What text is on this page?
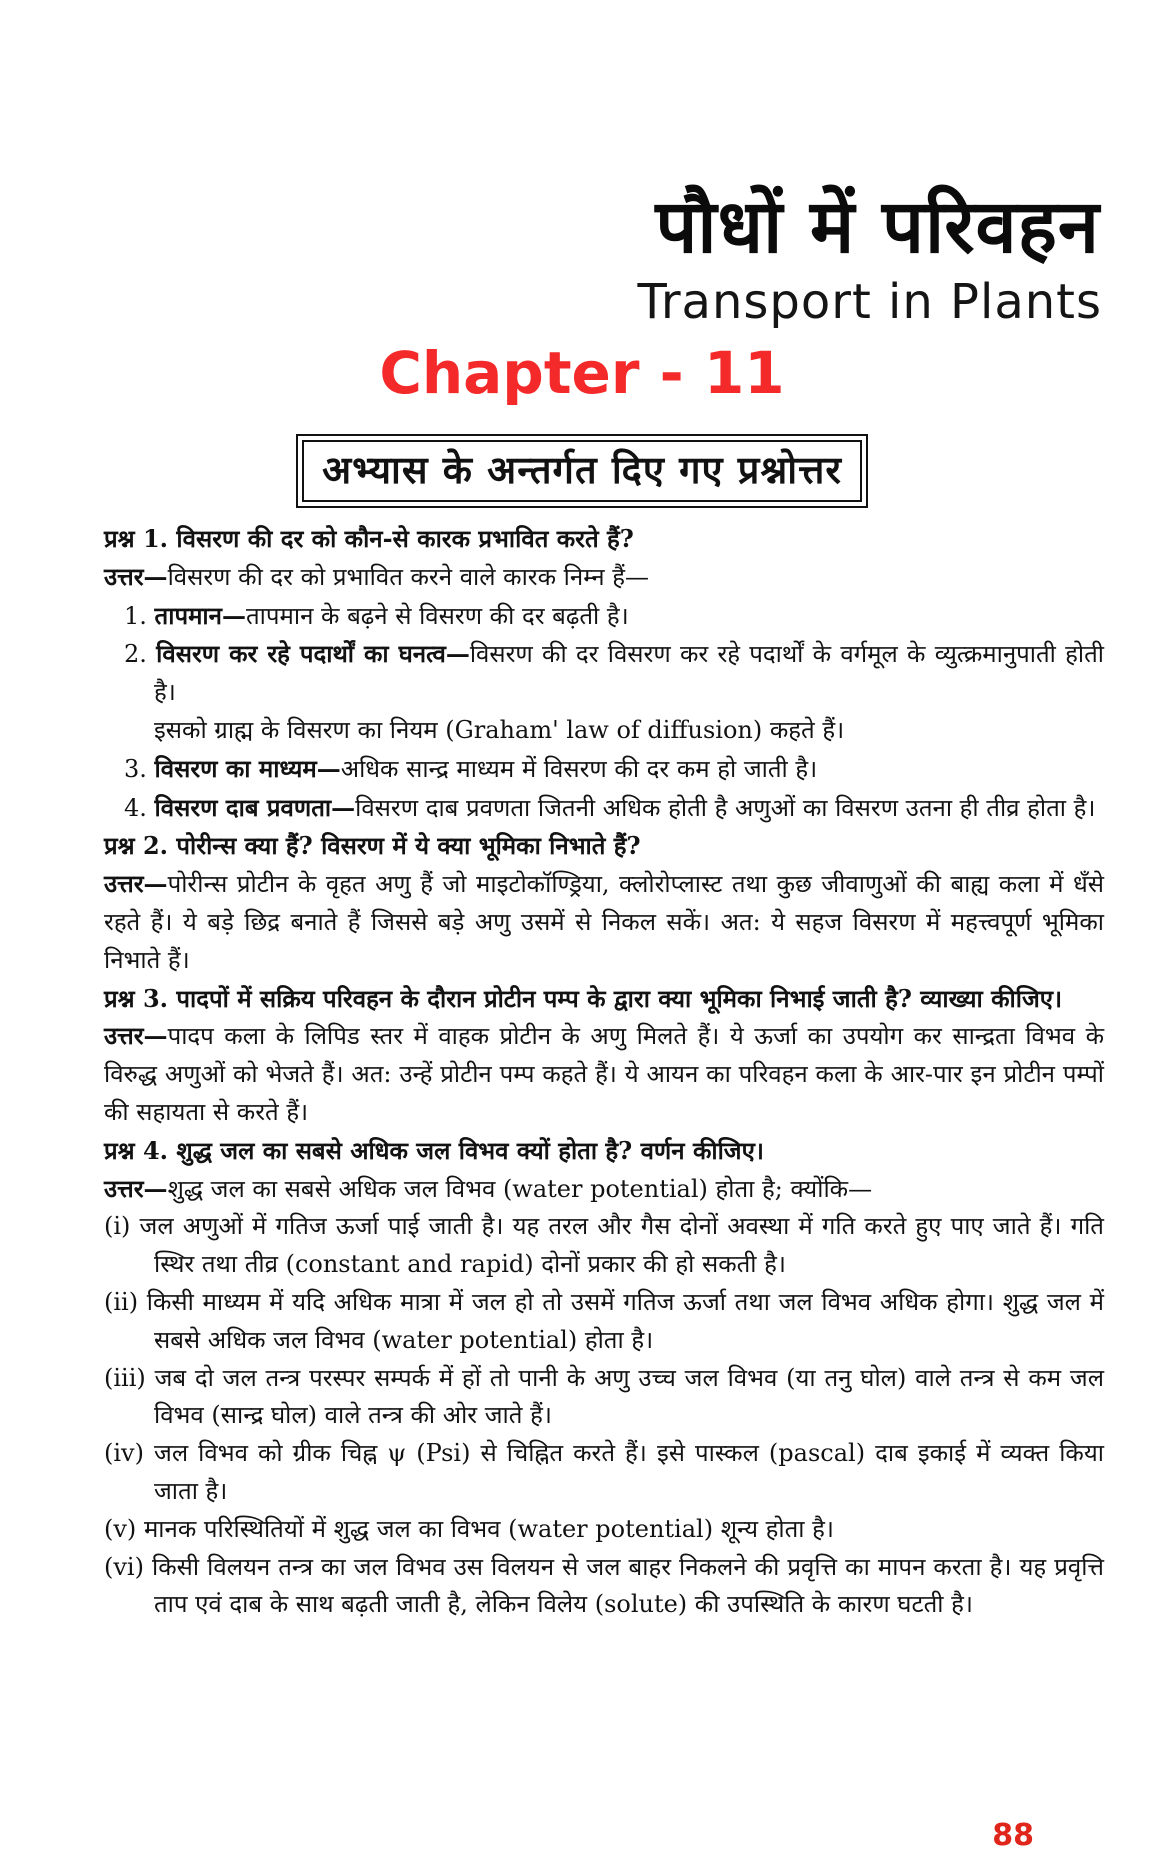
पौधों में परिवहन
Transport in Plants
Chapter - 11
अभ्यास के अन्तर्गत दिए गए प्रश्नोत्तर

प्रश्न 1. विसरण की दर को कौन-से कारक प्रभावित करते हैं?

उत्तर—विसरण की दर को प्रभावित करने वाले कारक निम्न हैं—

1. तापमान—तापमान के बढ़ने से विसरण की दर बढ़ती है।

2. विसरण कर रहे पदार्थों का घनत्व—विसरण की दर विसरण कर रहे पदार्थों के वर्गमूल के व्युत्क्रमानुपाती होती है।

इसको ग्राह्म के विसरण का नियम (Graham' law of diffusion) कहते हैं।

3. विसरण का माध्यम—अधिक सान्द्र माध्यम में विसरण की दर कम हो जाती है।

4. विसरण दाब प्रवणता—विसरण दाब प्रवणता जितनी अधिक होती है अणुओं का विसरण उतना ही तीव्र होता है।

प्रश्न 2. पोरीन्स क्या हैं? विसरण में ये क्या भूमिका निभाते हैं?

उत्तर—पोरीन्स प्रोटीन के वृहत अणु हैं जो माइटोकॉण्ड्रिया, क्लोरोप्लास्ट तथा कुछ जीवाणुओं की बाह्य कला में धँसे रहते हैं। ये बड़े छिद्र बनाते हैं जिससे बड़े अणु उसमें से निकल सकें। अत: ये सहज विसरण में महत्त्वपूर्ण भूमिका निभाते हैं।

प्रश्न 3. पादपों में सक्रिय परिवहन के दौरान प्रोटीन पम्प के द्वारा क्या भूमिका निभाई जाती है? व्याख्या कीजिए।

उत्तर—पादप कला के लिपिड स्तर में वाहक प्रोटीन के अणु मिलते हैं। ये ऊर्जा का उपयोग कर सान्द्रता विभव के विरुद्ध अणुओं को भेजते हैं। अत: उन्हें प्रोटीन पम्प कहते हैं। ये आयन का परिवहन कला के आर-पार इन प्रोटीन पम्पों की सहायता से करते हैं।

प्रश्न 4. शुद्ध जल का सबसे अधिक जल विभव क्यों होता है? वर्णन कीजिए।

उत्तर—शुद्ध जल का सबसे अधिक जल विभव (water potential) होता है; क्योंकि—

(i) जल अणुओं में गतिज ऊर्जा पाई जाती है। यह तरल और गैस दोनों अवस्था में गति करते हुए पाए जाते हैं। गति स्थिर तथा तीव्र (constant and rapid) दोनों प्रकार की हो सकती है।

(ii) किसी माध्यम में यदि अधिक मात्रा में जल हो तो उसमें गतिज ऊर्जा तथा जल विभव अधिक होगा। शुद्ध जल में सबसे अधिक जल विभव (water potential) होता है।

(iii) जब दो जल तन्त्र परस्पर सम्पर्क में हों तो पानी के अणु उच्च जल विभव (या तनु घोल) वाले तन्त्र से कम जल विभव (सान्द्र घोल) वाले तन्त्र की ओर जाते हैं।

(iv) जल विभव को ग्रीक चिह्न ψ (Psi) से चिह्नित करते हैं। इसे पास्कल (pascal) दाब इकाई में व्यक्त किया जाता है।

(v) मानक परिस्थितियों में शुद्ध जल का विभव (water potential) शून्य होता है।

(vi) किसी विलयन तन्त्र का जल विभव उस विलयन से जल बाहर निकलने की प्रवृत्ति का मापन करता है। यह प्रवृत्ति ताप एवं दाब के साथ बढ़ती जाती है, लेकिन विलेय (solute) की उपस्थिति के कारण घटती है।

88
